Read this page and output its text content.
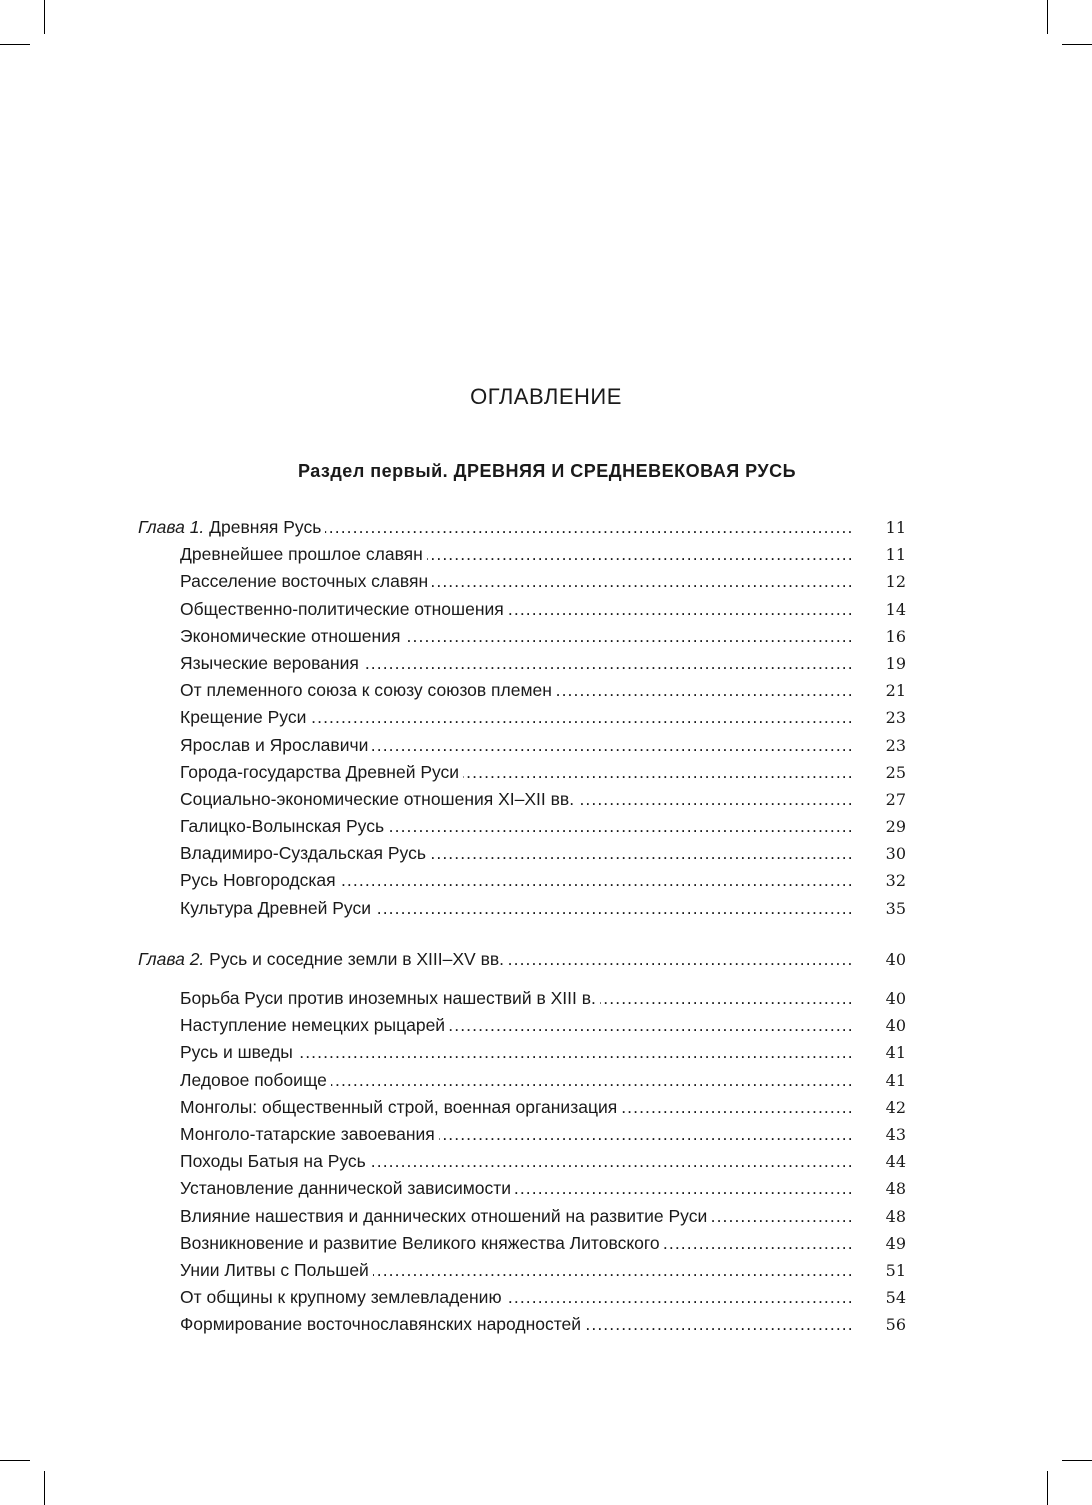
ОГЛАВЛЕНИЕ
Раздел первый. ДРЕВНЯЯ И СРЕДНЕВЕКОВАЯ РУСЬ
Глава 1. Древняя Русь .....	11
Древнейшее прошлое славян .....	11
Расселение восточных славян .....	12
Общественно-политические отношения .....	14
Экономические отношения .....	16
Языческие верования .....	19
От племенного союза к союзу союзов племен .....	21
Крещение Руси .....	23
Ярослав и Ярославичи .....	23
Города-государства Древней Руси .....	25
Социально-экономические отношения XI–XII вв. .....	27
Галицко-Волынская Русь .....	29
Владимиро-Суздальская Русь .....	30
Русь Новгородская .....	32
Культура Древней Руси .....	35
Глава 2. Русь и соседние земли в XIII–XV вв. .....	40
Борьба Руси против иноземных нашествий в XIII в. .....	40
Наступление немецких рыцарей .....	40
Русь и шведы .....	41
Ледовое побоище .....	41
Монголы: общественный строй, военная организация .....	42
Монголо-татарские завоевания .....	43
Походы Батыя на Русь .....	44
Установление даннической зависимости .....	48
Влияние нашествия и даннических отношений на развитие Руси .....	48
Возникновение и развитие Великого княжества Литовского .....	49
Унии Литвы с Польшей .....	51
От общины к крупному землевладению .....	54
Формирование восточнославянских народностей .....	56
